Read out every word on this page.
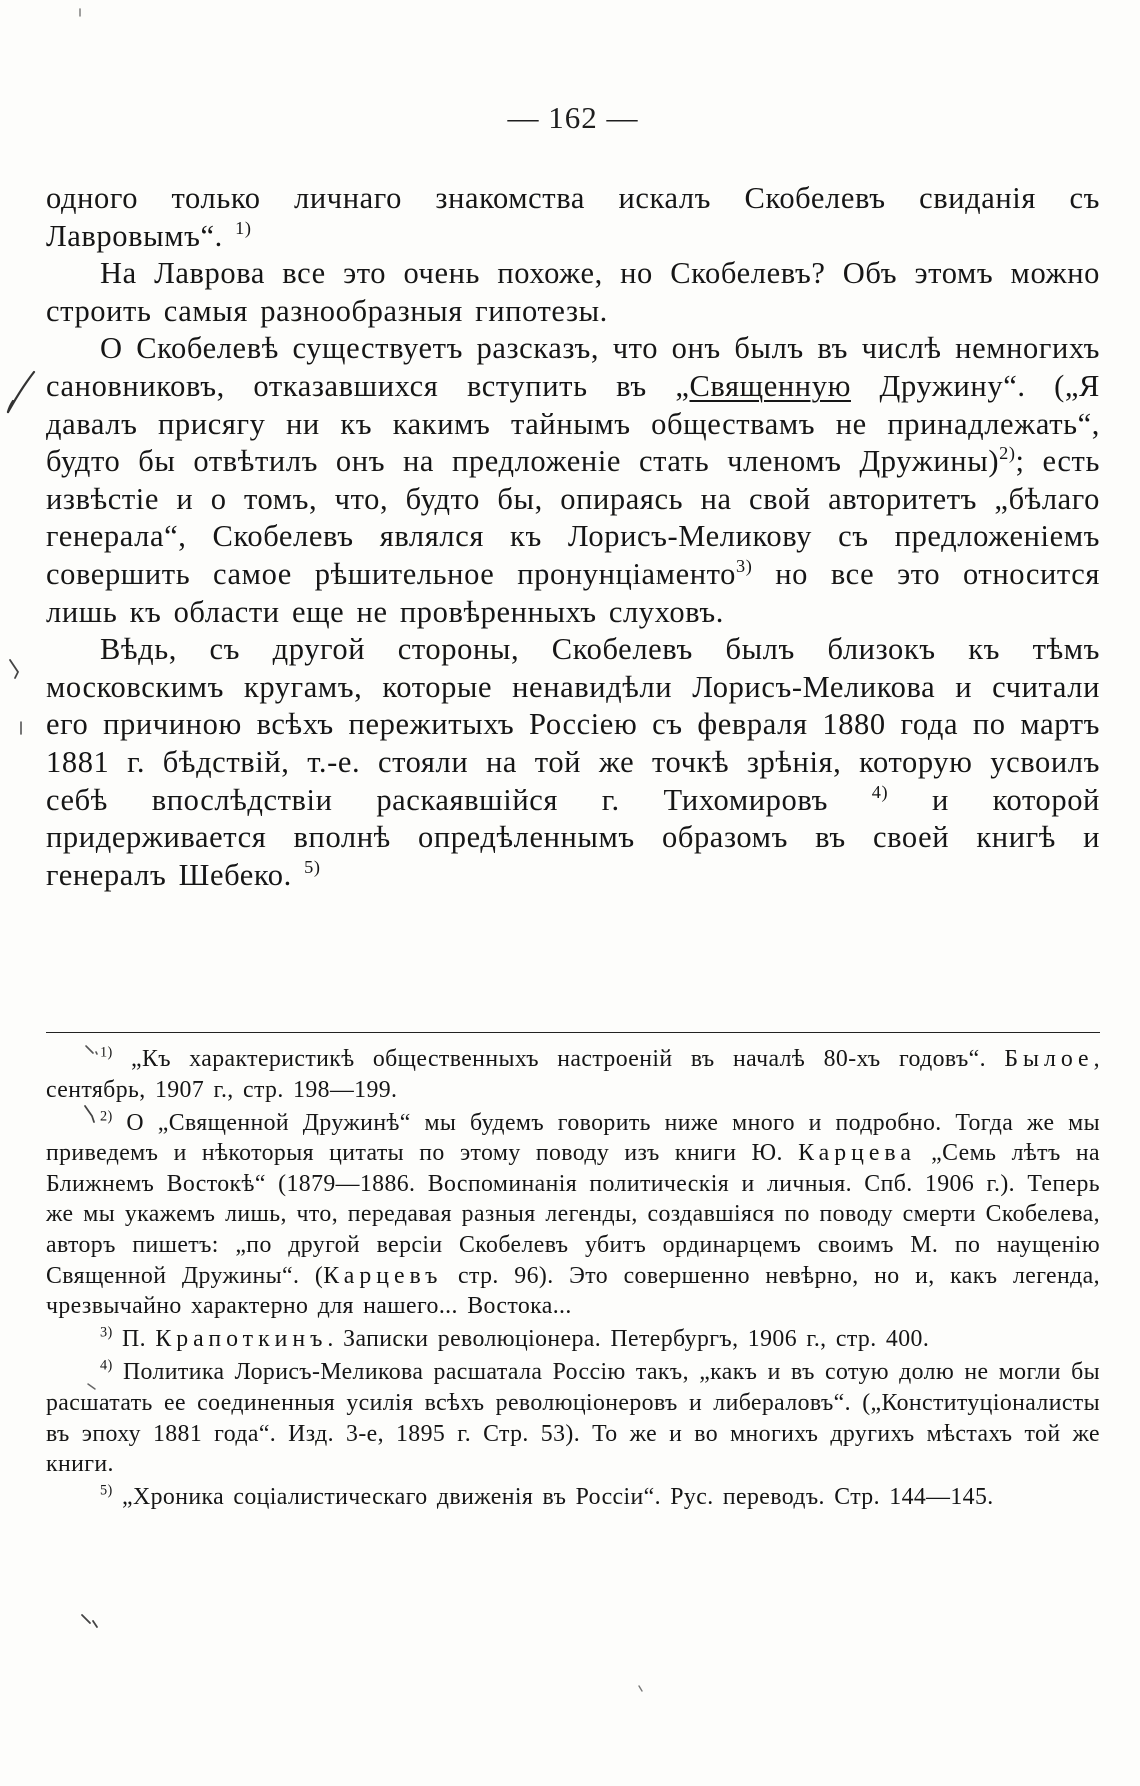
— 162 —

одного только личнаго знакомства искалъ Скобелевъ свиданія съ Лавровымъ“. $^{1)}$

На Лаврова все это очень похоже, но Скобелевъ? Объ этомъ можно строить самыя разнообразныя гипотезы.

О Скобелевѣ существуетъ разсказъ, что онъ былъ въ числѣ немногихъ сановниковъ, отказавшихся вступить въ „Священную Дружину“. („Я давалъ присягу ни къ какимъ тайнымъ обществамъ не принадлежать“, будто бы отвѣтилъ онъ на предложеніе стать членомъ Дружины)$^{2)}$; есть извѣстіе и о томъ, что, будто бы, опираясь на свой авторитетъ „бѣлаго генерала“, Скобелевъ являлся къ Лорисъ-Меликову съ предложеніемъ совершить самое рѣшительное пронунціаменто$^{3)}$ но все это относится лишь къ области еще не провѣренныхъ слуховъ.

Вѣдь, съ другой стороны, Скобелевъ былъ близокъ къ тѣмъ московскимъ кругамъ, которые ненавидѣли Лорисъ-Меликова и считали его причиною всѣхъ пережитыхъ Россіею съ февраля 1880 года по мартъ 1881 г. бѣдствій, т.-е. стояли на той же точкѣ зрѣнія, которую усвоилъ себѣ впослѣдствіи раскаявшійся г. Тихомировъ $^{4)}$ и которой придерживается вполнѣ опредѣленнымъ образомъ въ своей книгѣ и генералъ Шебеко. $^{5)}$

$^{1)}$ „Къ характеристикѣ общественныхъ настроеній въ началѣ 80-хъ годовъ“. Былое, сентябрь, 1907 г., стр. 198—199.

$^{2)}$ О „Священной Дружинѣ“ мы будемъ говорить ниже много и подробно. Тогда же мы приведемъ и нѣкоторыя цитаты по этому поводу изъ книги Ю. Карцева „Семь лѣтъ на Ближнемъ Востокѣ“ (1879—1886. Воспоминанія политическія и личныя. Спб. 1906 г.). Теперь же мы укажемъ лишь, что, передавая разныя легенды, создавшіяся по поводу смерти Скобелева, авторъ пишетъ: „по другой версіи Скобелевъ убитъ ординарцемъ своимъ М. по наущенію Священной Дружины“. (Карцевъ стр. 96). Это совершенно невѣрно, но и, какъ легенда, чрезвычайно характерно для нашего... Востока...

$^{3)}$ П. Крапоткинъ. Записки революціонера. Петербургъ, 1906 г., стр. 400.

$^{4)}$ Политика Лорисъ-Меликова расшатала Россію такъ, „какъ и въ сотую долю не могли бы расшатать ее соединенныя усилія всѣхъ революціонеровъ и либераловъ“. („Конституціоналисты въ эпоху 1881 года“. Изд. 3-е, 1895 г. Стр. 53). То же и во многихъ другихъ мѣстахъ той же книги.

$^{5)}$ „Хроника соціалистическаго движенія въ Россіи“. Рус. переводъ. Стр. 144—145.
